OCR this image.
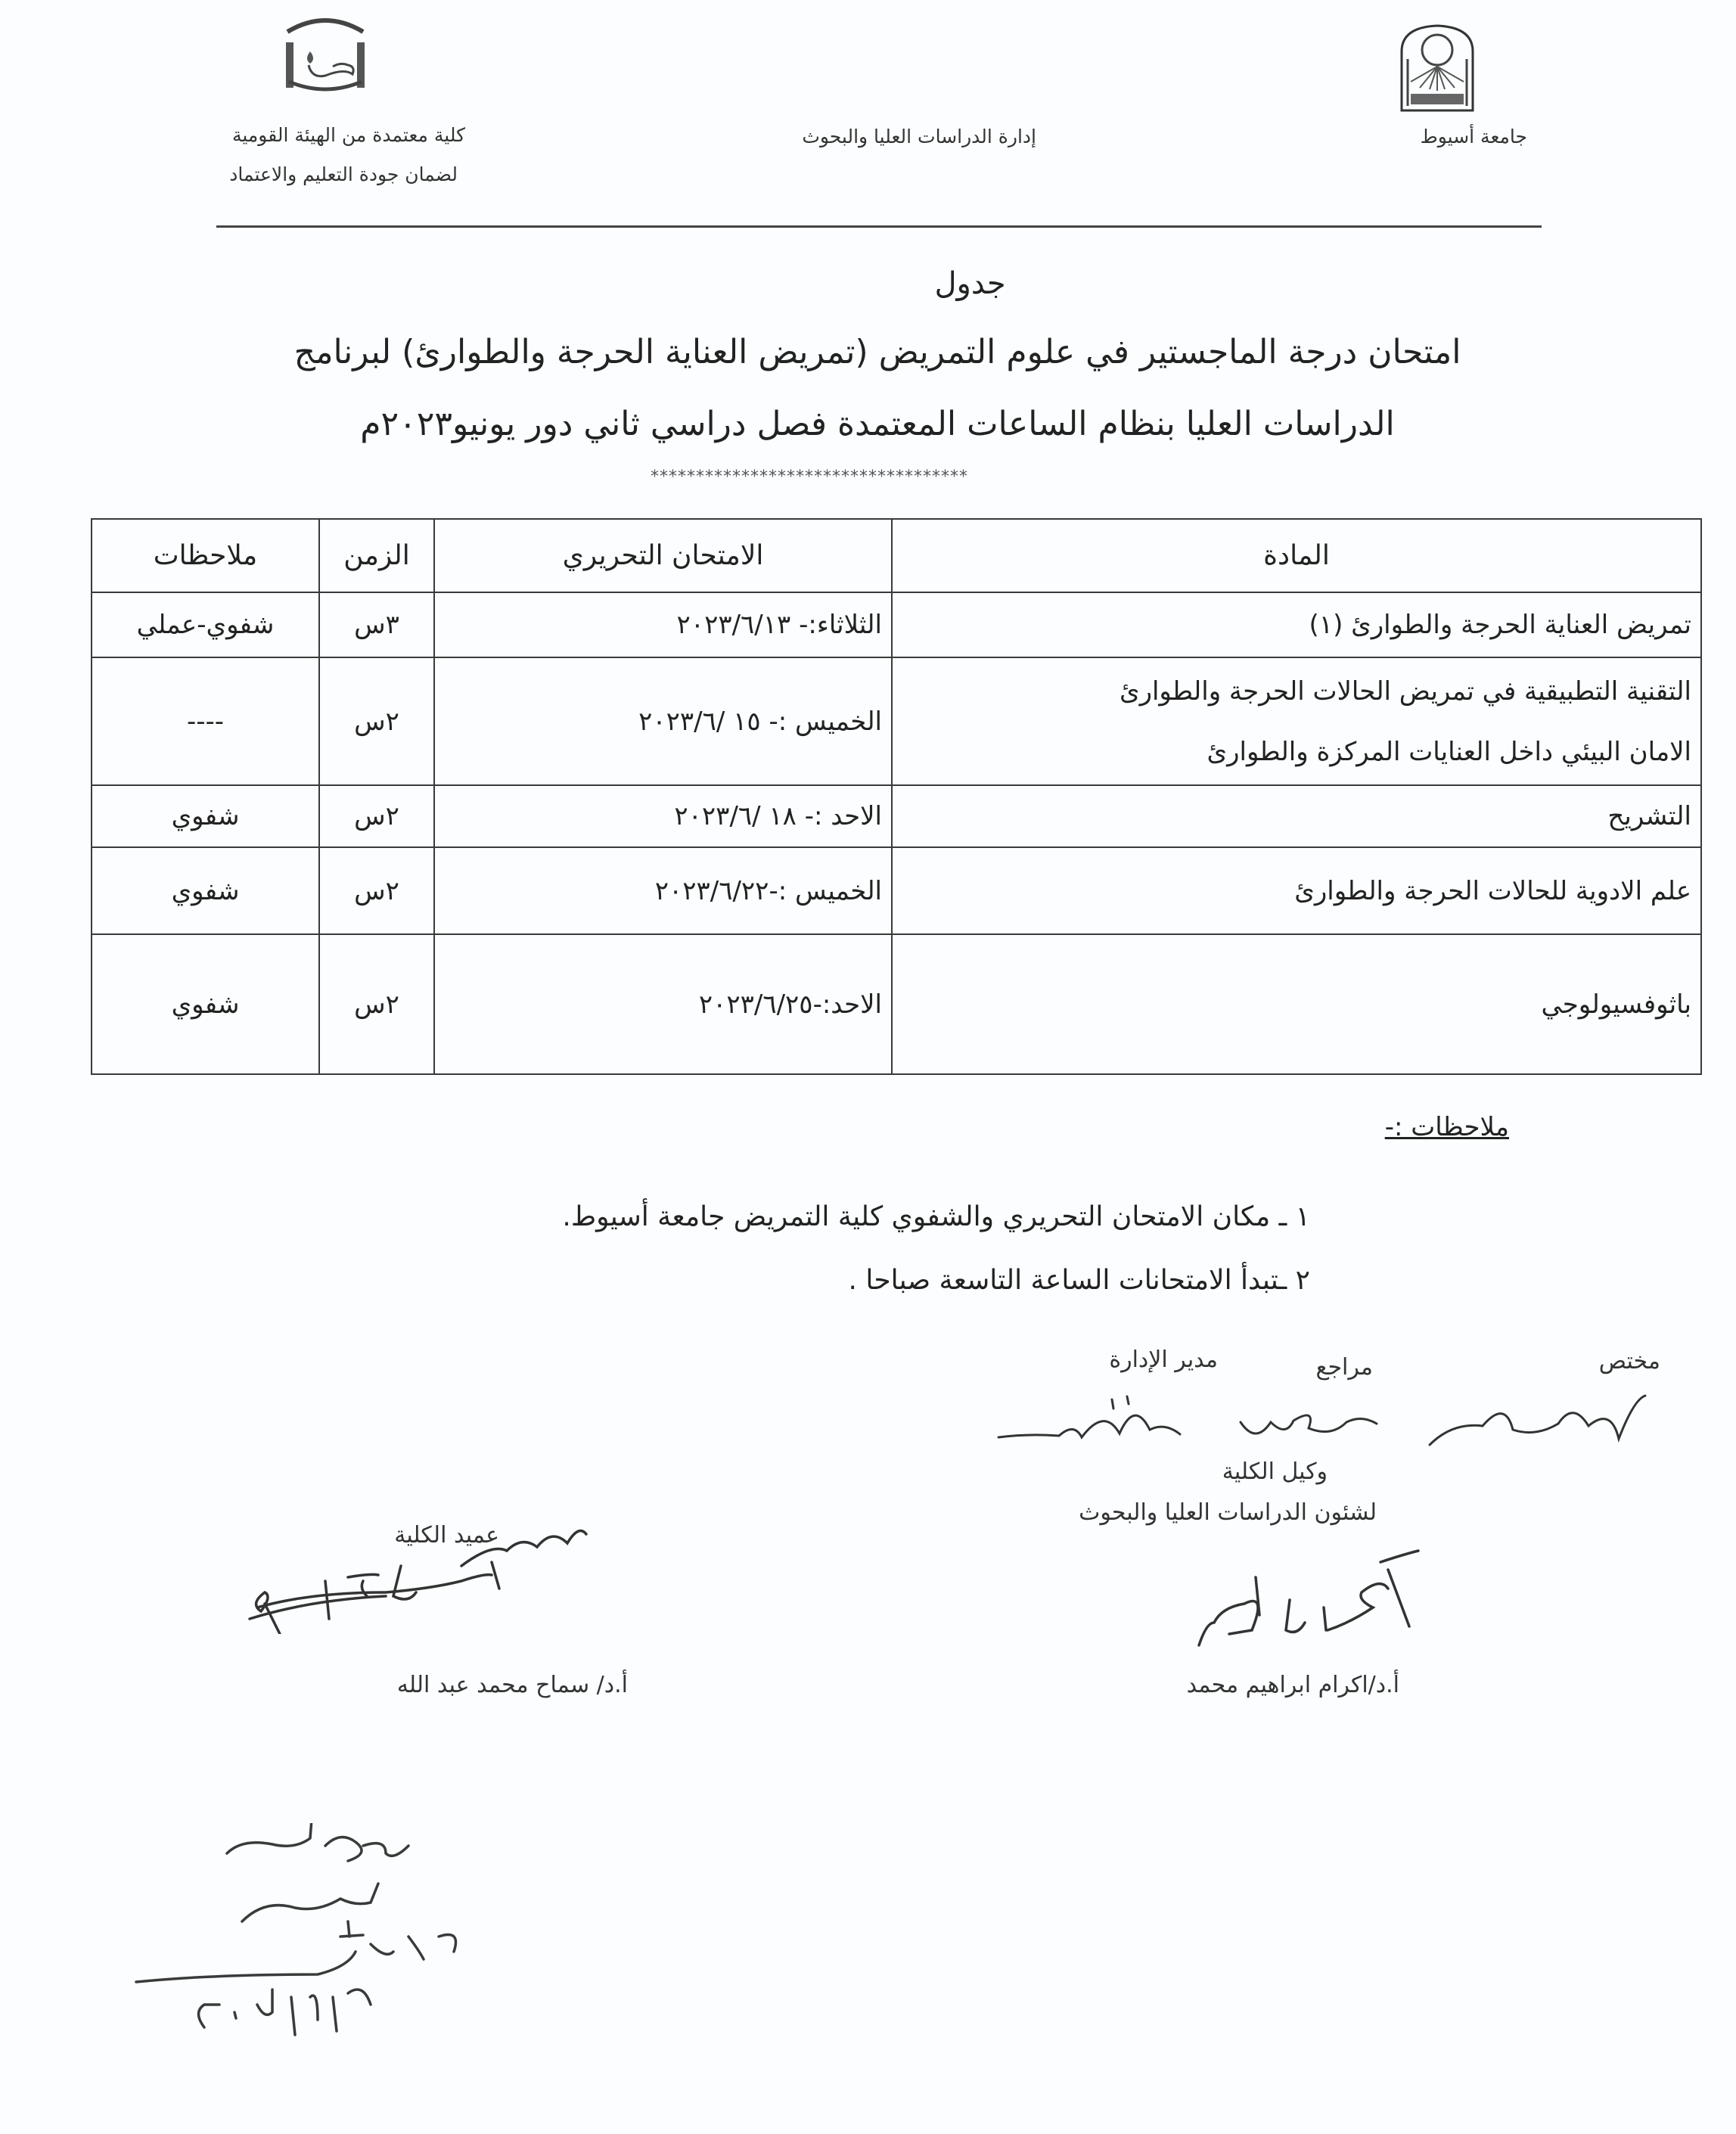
جامعة أسيوط
إدارة الدراسات العليا والبحوث
كلية معتمدة من الهيئة القومية
لضمان جودة التعليم والاعتماد
جدول
امتحان درجة الماجستير في علوم التمريض (تمريض العناية الحرجة والطوارئ) لبرنامج
الدراسات العليا بنظام الساعات المعتمدة فصل دراسي ثاني دور يونيو٢٠٢٣م
***********************************
المادة	الامتحان التحريري	الزمن	ملاحظات

تمريض العناية الحرجة والطوارئ (١)
	الثلاثاء:- ٢٠٢٣/٦/١٣	٣س	شفوي-عملي

التقنية التطبيقية في تمريض الحالات الحرجة والطوارئ
الامان البيئي داخل العنايات المركزة والطوارئ
	الخميس :- ١٥ /٢٠٢٣/٦	٢س	----

التشريح
	الاحد :- ١٨ /٢٠٢٣/٦	٢س	شفوي

علم الادوية للحالات الحرجة والطوارئ
	الخميس :-٢٠٢٣/٦/٢٢	٢س	شفوي

باثوفسيولوجي
	الاحد:-٢٠٢٣/٦/٢٥	٢س	شفوي
ملاحظات :-
١ ـ مكان الامتحان التحريري والشفوي كلية التمريض جامعة أسيوط.
٢ ـتبدأ الامتحانات الساعة التاسعة صباحا .
مختص
مراجع
مدير الإدارة
وكيل الكلية
لشئون الدراسات العليا والبحوث
أ.د/اكرام ابراهيم محمد
عميد الكلية
أ.د/ سماح محمد عبد الله
